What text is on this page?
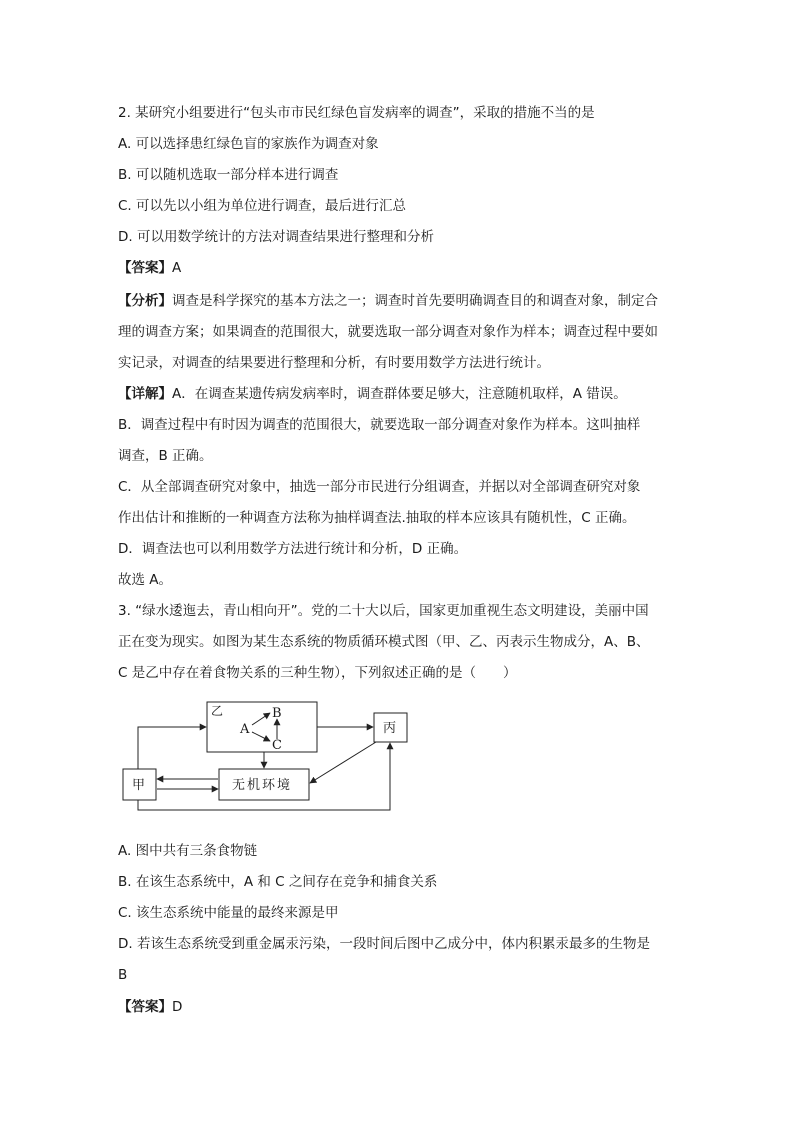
2. 某研究小组要进行“包头市市民红绿色盲发病率的调查”，采取的措施不当的是
A. 可以选择患红绿色盲的家族作为调查对象
B. 可以随机选取一部分样本进行调查
C. 可以先以小组为单位进行调查，最后进行汇总
D. 可以用数学统计的方法对调查结果进行整理和分析
【答案】A
【分析】调查是科学探究的基本方法之一；调查时首先要明确调查目的和调查对象，制定合
理的调查方案；如果调查的范围很大，就要选取一部分调查对象作为样本；调查过程中要如
实记录，对调查的结果要进行整理和分析，有时要用数学方法进行统计。
【详解】A．在调查某遗传病发病率时，调查群体要足够大，注意随机取样，A 错误。
B．调查过程中有时因为调查的范围很大，就要选取一部分调查对象作为样本。这叫抽样
调查，B 正确。
C．从全部调查研究对象中，抽选一部分市民进行分组调查，并据以对全部调查研究对象
作出估计和推断的一种调查方法称为抽样调查法.抽取的样本应该具有随机性，C 正确。
D．调查法也可以利用数学方法进行统计和分析，D 正确。
故选 A。
3. “绿水逶迤去，青山相向开”。党的二十大以后，国家更加重视生态文明建设，美丽中国
正在变为现实。如图为某生态系统的物质循环模式图（甲、乙、丙表示生物成分，A、B、
C 是乙中存在着食物关系的三种生物），下列叙述正确的是（　　）
乙
A
B
C
丙
甲	无机环境
A. 图中共有三条食物链
B. 在该生态系统中，A 和 C 之间存在竞争和捕食关系
C. 该生态系统中能量的最终来源是甲
D. 若该生态系统受到重金属汞污染，一段时间后图中乙成分中，体内积累汞最多的生物是
B
【答案】D
